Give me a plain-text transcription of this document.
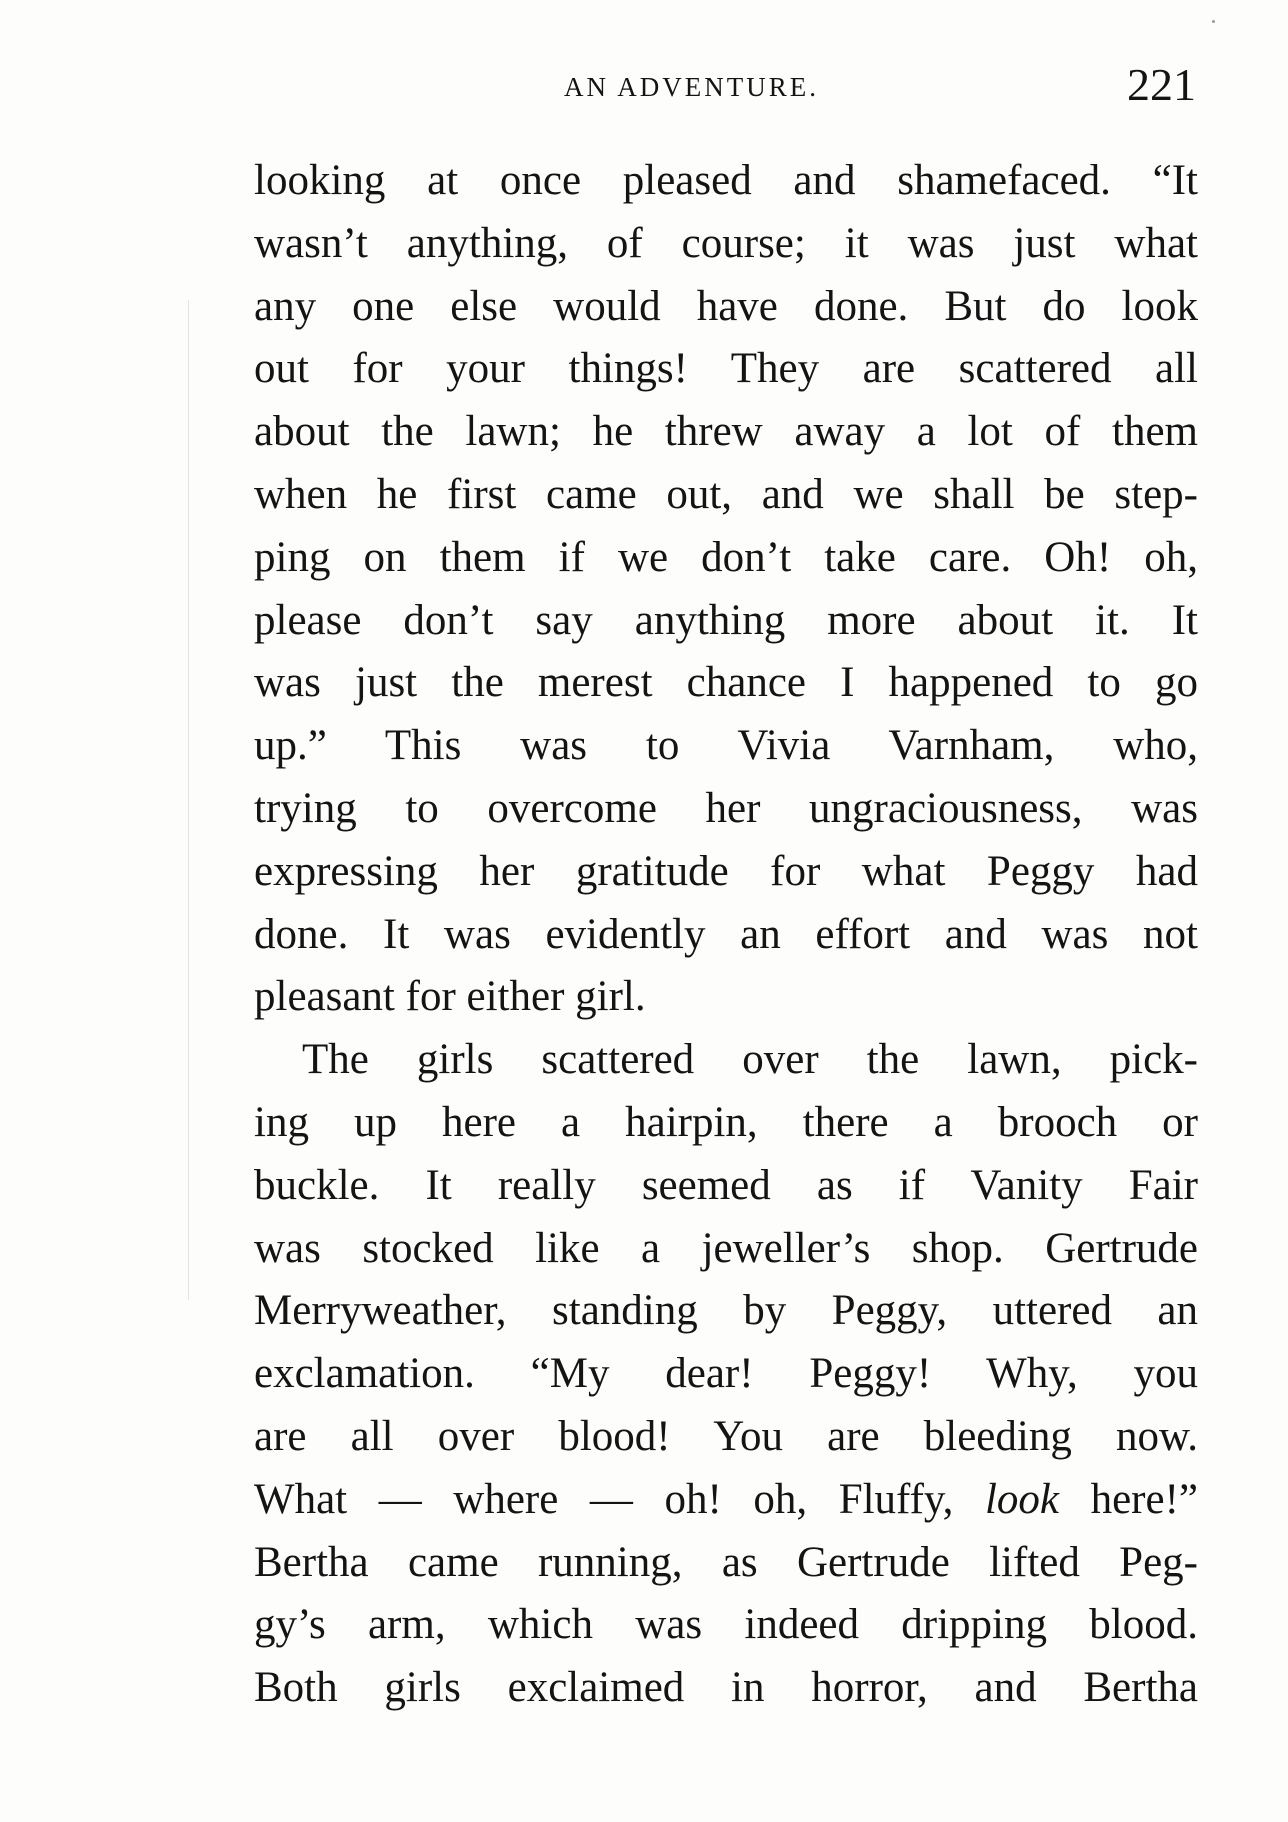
AN ADVENTURE.	221
looking at once pleased and shamefaced. “It
wasn’t anything, of course; it was just what
any one else would have done. But do look
out for your things! They are scattered all
about the lawn; he threw away a lot of them
when he first came out, and we shall be step-
ping on them if we don’t take care. Oh! oh,
please don’t say anything more about it. It
was just the merest chance I happened to go
up.” This was to Vivia Varnham, who,
trying to overcome her ungraciousness, was
expressing her gratitude for what Peggy had
done. It was evidently an effort and was not
pleasant for either girl.
The girls scattered over the lawn, pick-
ing up here a hairpin, there a brooch or
buckle. It really seemed as if Vanity Fair
was stocked like a jeweller’s shop. Gertrude
Merryweather, standing by Peggy, uttered an
exclamation. “My dear! Peggy! Why, you
are all over blood! You are bleeding now.
What — where — oh! oh, Fluffy, look here!”
Bertha came running, as Gertrude lifted Peg-
gy’s arm, which was indeed dripping blood.
Both girls exclaimed in horror, and Bertha
